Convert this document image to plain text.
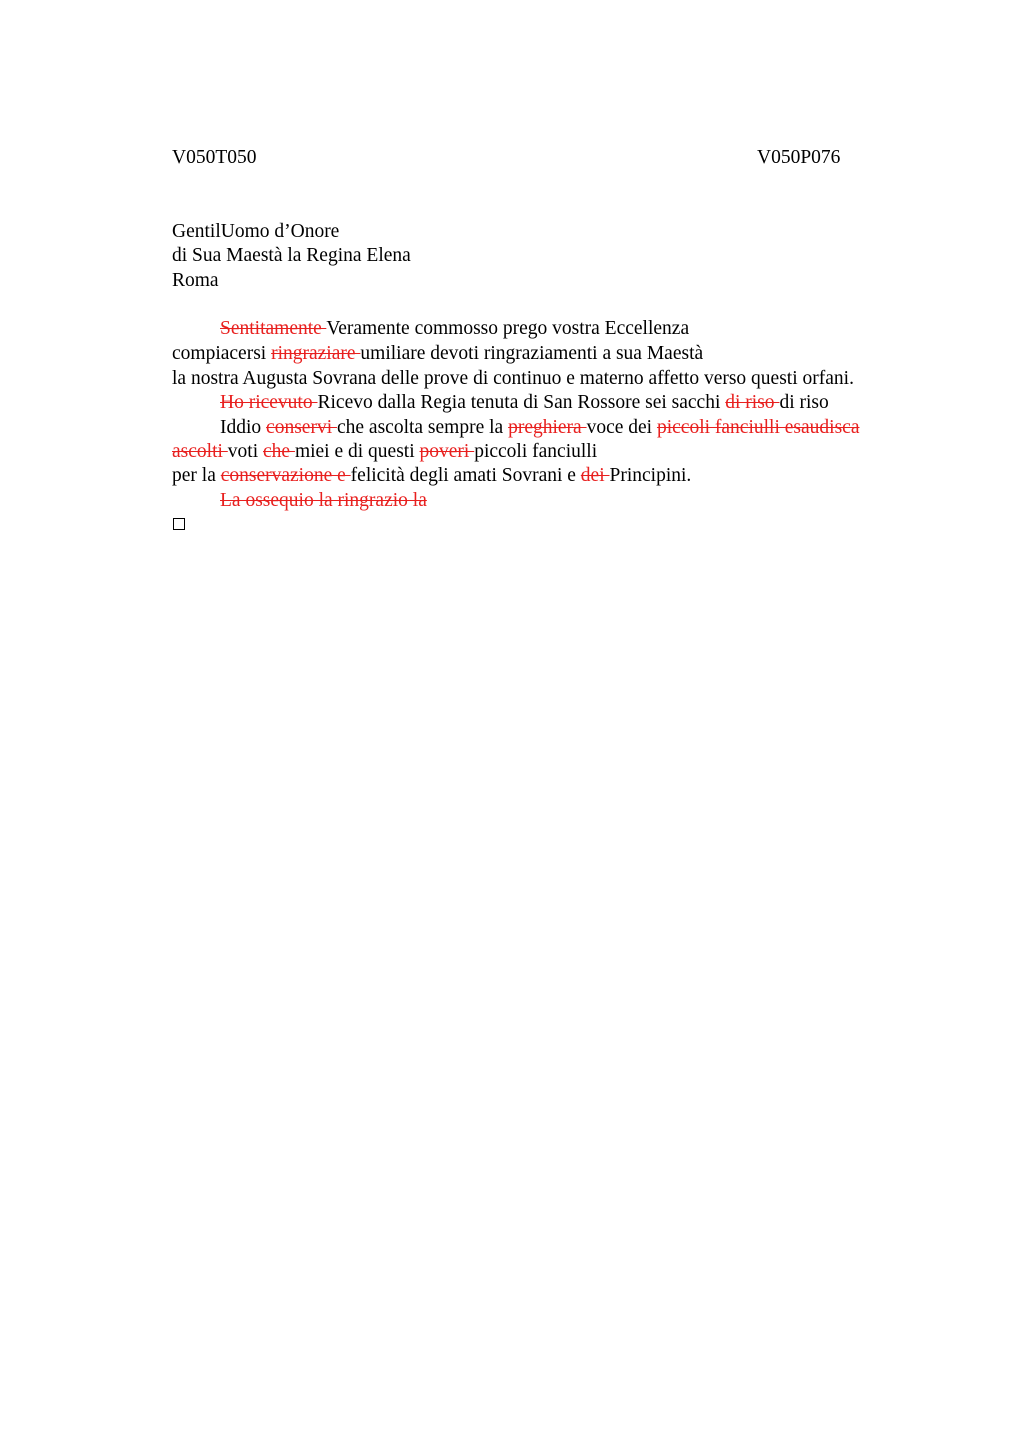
V050T050	V050P076
GentilUomo d’Onore
di Sua Maestà la Regina Elena
Roma
Sentitamente Veramente commosso prego vostra Eccellenza
compiacersi ringraziare umiliare devoti ringraziamenti a sua Maestà
la nostra Augusta Sovrana delle prove di continuo e materno affetto verso questi orfani.
Ho ricevuto Ricevo dalla Regia tenuta di San Rossore sei sacchi di riso di riso
Iddio conservi che ascolta sempre la preghiera voce dei piccoli fanciulli esaudisca
ascolti voti che miei e di questi poveri piccoli fanciulli
per la conservazione e felicità degli amati Sovrani e dei Principini.
La ossequio la ringrazio la
